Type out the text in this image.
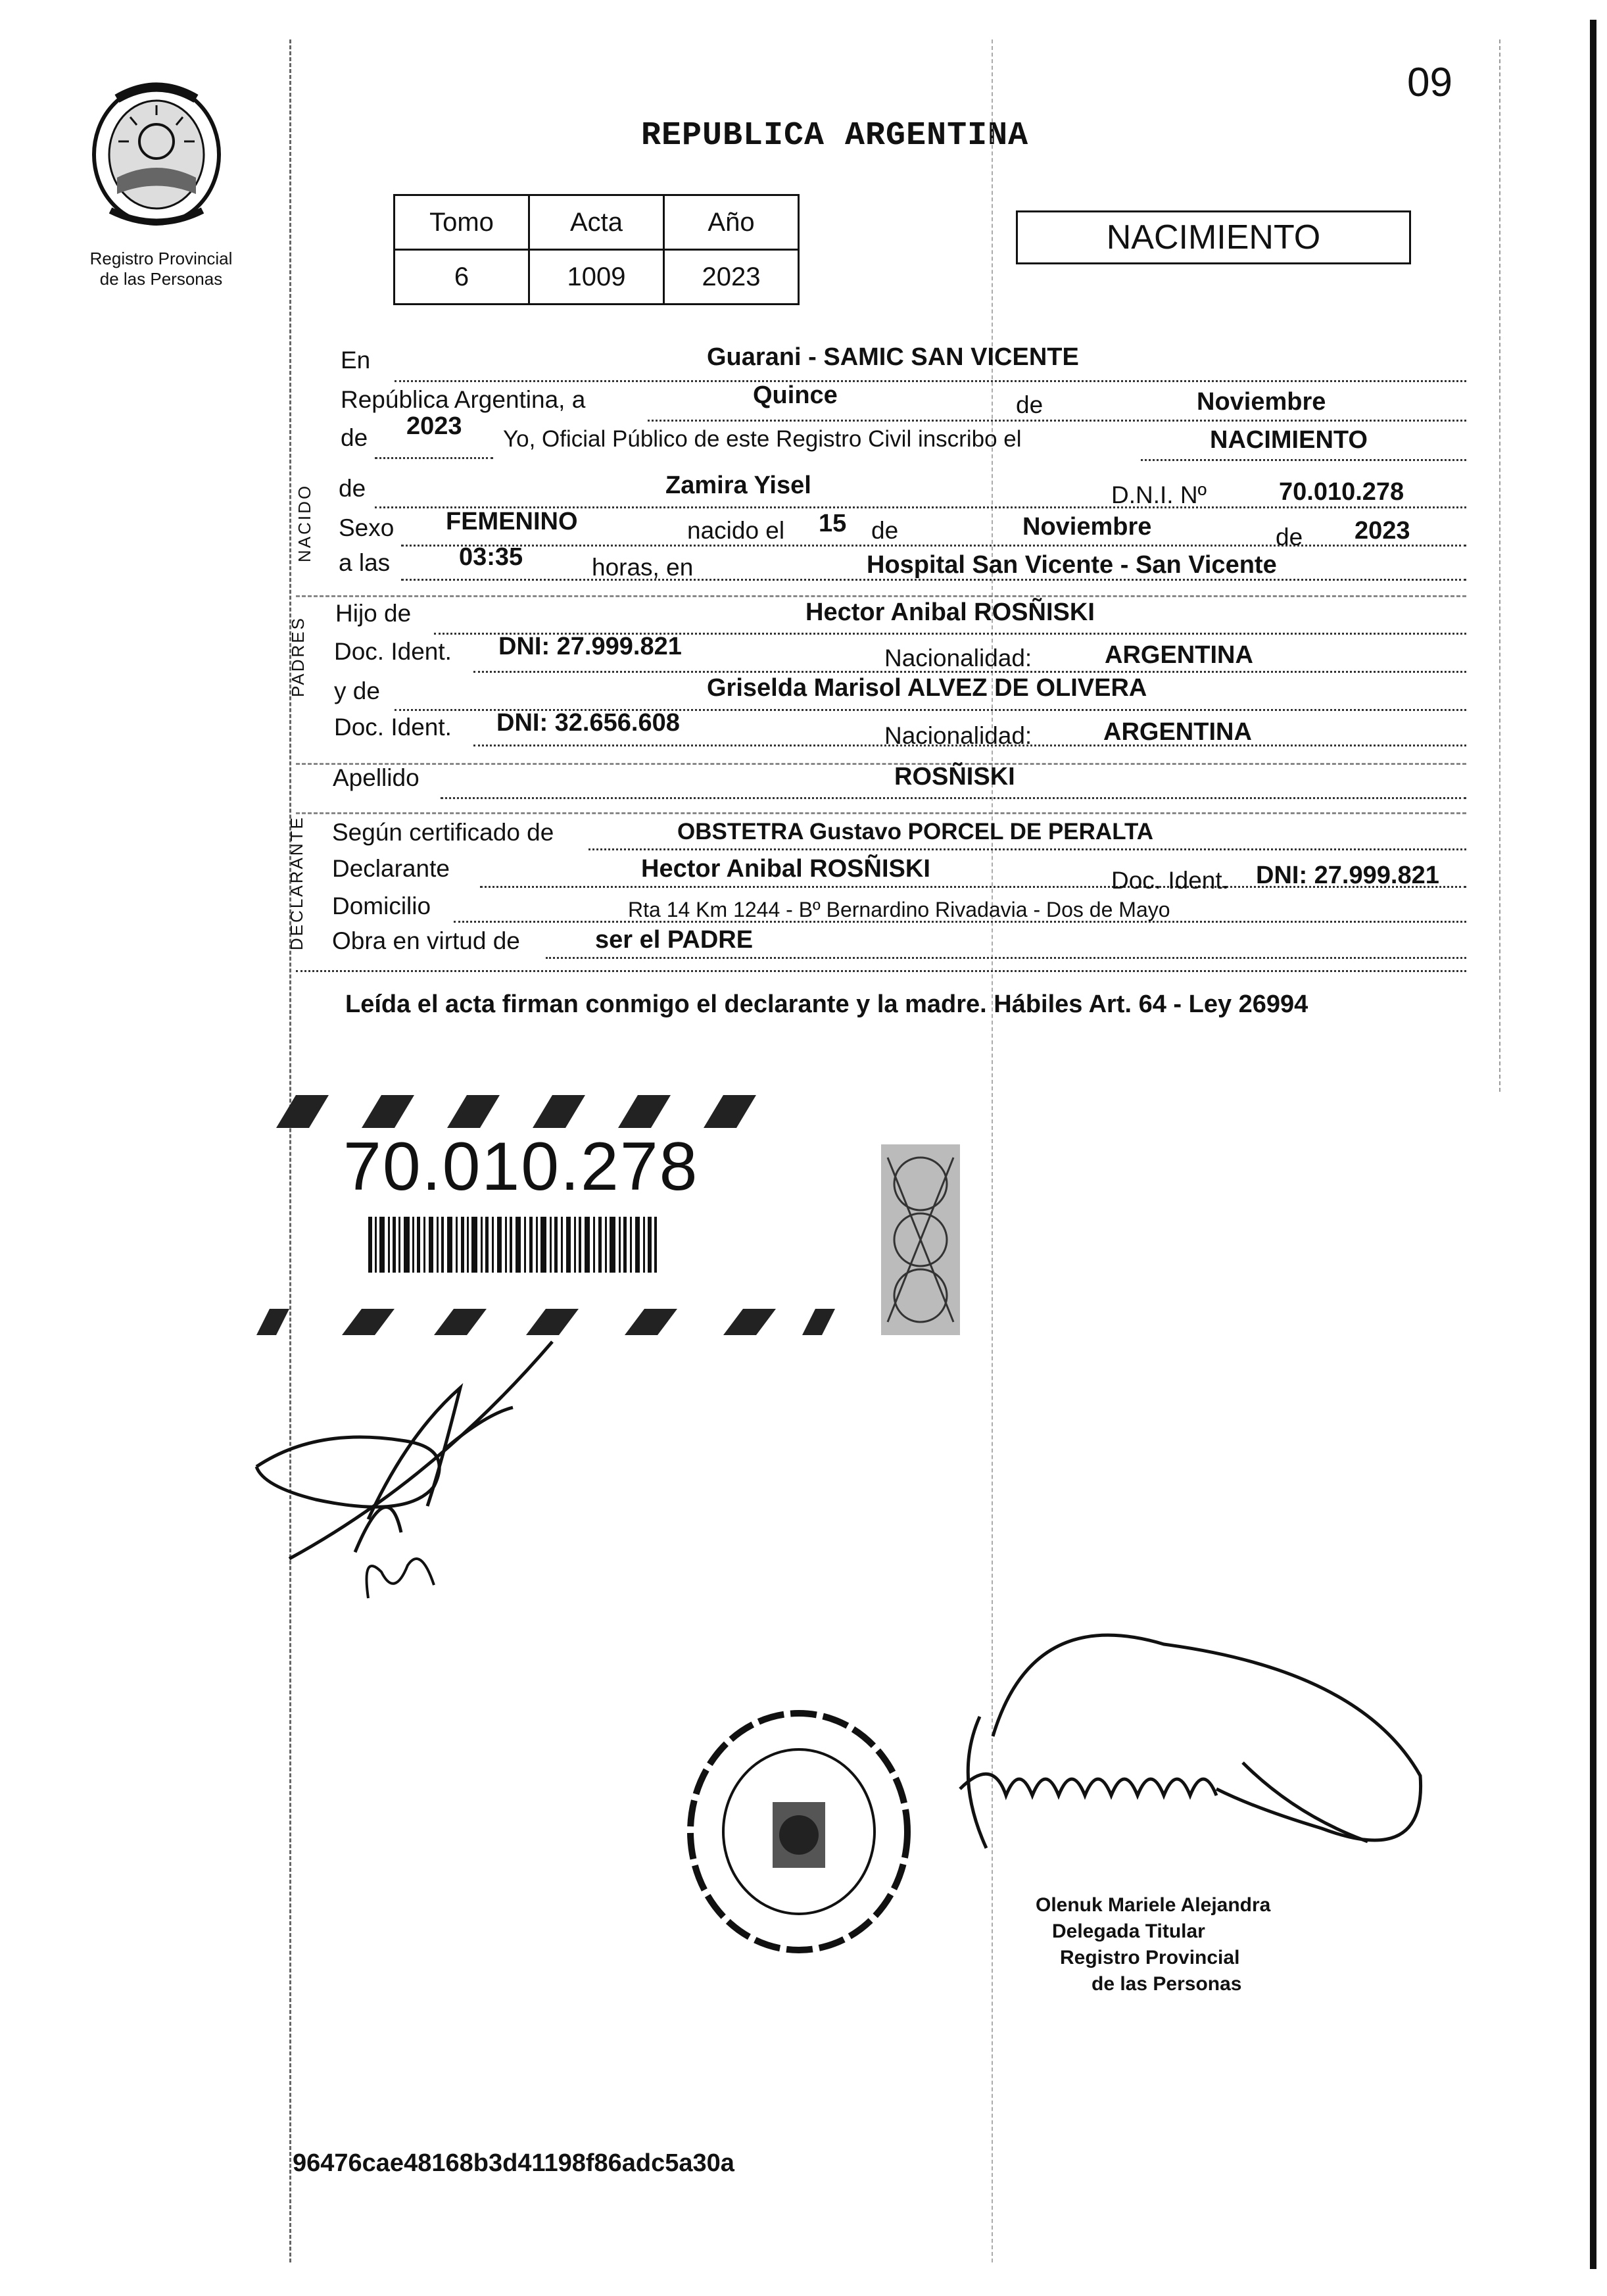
09
REPUBLICA ARGENTINA
Registro Provincial
de las Personas
Tomo	Acta	Año
6	1009	2023
NACIMIENTO
NACIDO
PADRES
DECLARANTE
En	Guarani - SAMIC SAN VICENTE
República Argentina, a	Quince	de	Noviembre
de 2023 Yo, Oficial Público de este Registro Civil inscribo el	NACIMIENTO
de	Zamira Yisel	D.N.I. Nº	70.010.278
Sexo FEMENINO	nacido el 15 de	Noviembre	de 2023
a las	03:35	horas, en	Hospital San Vicente - San Vicente
Hijo de	Hector Anibal ROSÑISKI
Doc. Ident. DNI: 27.999.821	Nacionalidad:	ARGENTINA
y de	Griselda Marisol ALVEZ DE OLIVERA
Doc. Ident. DNI: 32.656.608	Nacionalidad:	ARGENTINA
Apellido	ROSÑISKI
Según certificado de	OBSTETRA Gustavo PORCEL DE PERALTA
Declarante	Hector Anibal ROSÑISKI	Doc. Ident. DNI: 27.999.821
Domicilio	Rta 14 Km 1244 - Bº Bernardino Rivadavia - Dos de Mayo
Obra en virtud de	ser el PADRE
Leída el acta firman conmigo el declarante y la madre. Hábiles Art. 64 - Ley 26994
70.010.278
Olenuk Mariele Alejandra
Delegada Titular
Registro Provincial
de las Personas
96476cae48168b3d41198f86adc5a30a
